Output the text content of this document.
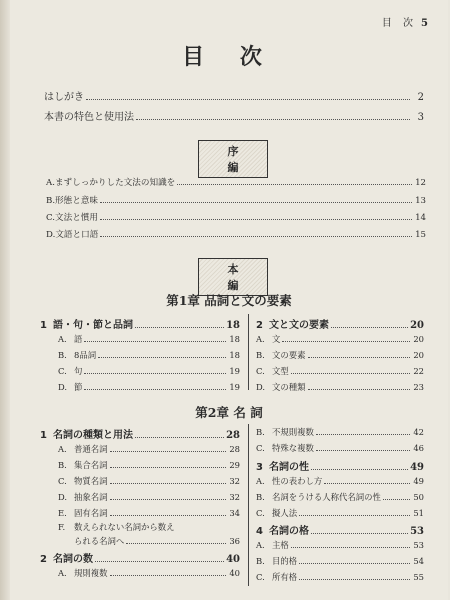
目 次 5
目 次
はしがき	2
本書の特色と使用法	3
序編
A.まずしっかりした文法の知識を	12
B.形態と意味	13
C.文法と慣用	14
D.文語と口語	15
本編
第1章 品詞と文の要素
1 語・句・節と品詞	18
A. 語	18
B. 8品詞	18
C. 句	19
D. 節	19
2 文と文の要素	20
A. 文	20
B. 文の要素	20
C. 文型	22
D. 文の種類	23
第2章 名 詞
1 名詞の種類と用法	28
A. 普通名詞	28
B. 集合名詞	29
C. 物質名詞	32
D. 抽象名詞	32
E. 固有名詞	34
F. 数えられない名詞から数え
られる名詞へ	36
2 名詞の数	40
A. 規則複数	40
B. 不規則複数	42
C. 特殊な複数	46
3 名詞の性	49
A. 性の表わし方	49
B. 名詞をうける人称代名詞の性	50
C. 擬人法	51
4 名詞の格	53
A. 主格	53
B. 目的格	54
C. 所有格	55
